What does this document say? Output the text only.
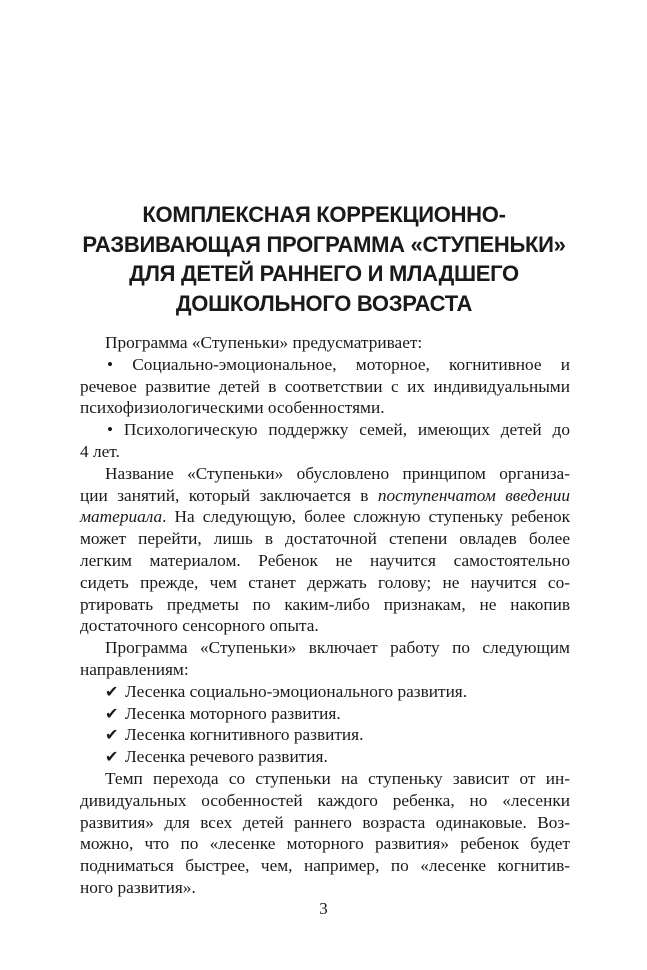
КОМПЛЕКСНАЯ КОРРЕКЦИОННО-
РАЗВИВАЮЩАЯ ПРОГРАММА «СТУПЕНЬКИ»
ДЛЯ ДЕТЕЙ РАННЕГО И МЛАДШЕГО
ДОШКОЛЬНОГО ВОЗРАСТА
Программа «Ступеньки» предусматривает:
• Социально-эмоциональное, моторное, когнитивное и
речевое развитие детей в соответствии с их индивидуальными
психофизиологическими особенностями.
• Психологическую поддержку семей, имеющих детей до
4 лет.
Название «Ступеньки» обусловлено принципом организа-
ции занятий, который заключается в поступенчатом введении
материала. На следующую, более сложную ступеньку ребенок
может перейти, лишь в достаточной степени овладев более
легким материалом. Ребенок не научится самостоятельно
сидеть прежде, чем станет держать голову; не научится со-
ртировать предметы по каким-либо признакам, не накопив
достаточного сенсорного опыта.
Программа «Ступеньки» включает работу по следующим
направлениям:
✔ Лесенка социально-эмоционального развития.
✔ Лесенка моторного развития.
✔ Лесенка когнитивного развития.
✔ Лесенка речевого развития.
Темп перехода со ступеньки на ступеньку зависит от ин-
дивидуальных особенностей каждого ребенка, но «лесенки
развития» для всех детей раннего возраста одинаковые. Воз-
можно, что по «лесенке моторного развития» ребенок будет
подниматься быстрее, чем, например, по «лесенке когнитив-
ного развития».
3
